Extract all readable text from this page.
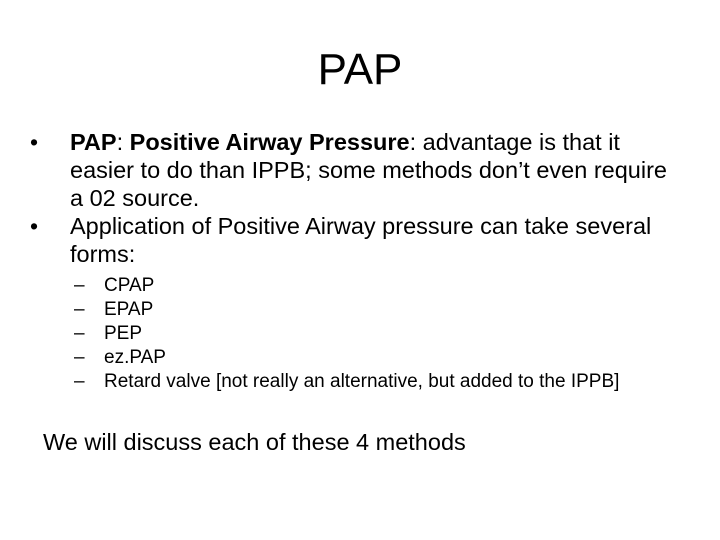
PAP
• PAP: Positive Airway Pressure: advantage is that it easier to do than IPPB; some methods don’t even require a 02 source.
• Application of Positive Airway pressure can take several forms:
– CPAP
– EPAP
– PEP
– ez.PAP
– Retard valve [not really an alternative, but added to the IPPB]
We will discuss each of these 4 methods
